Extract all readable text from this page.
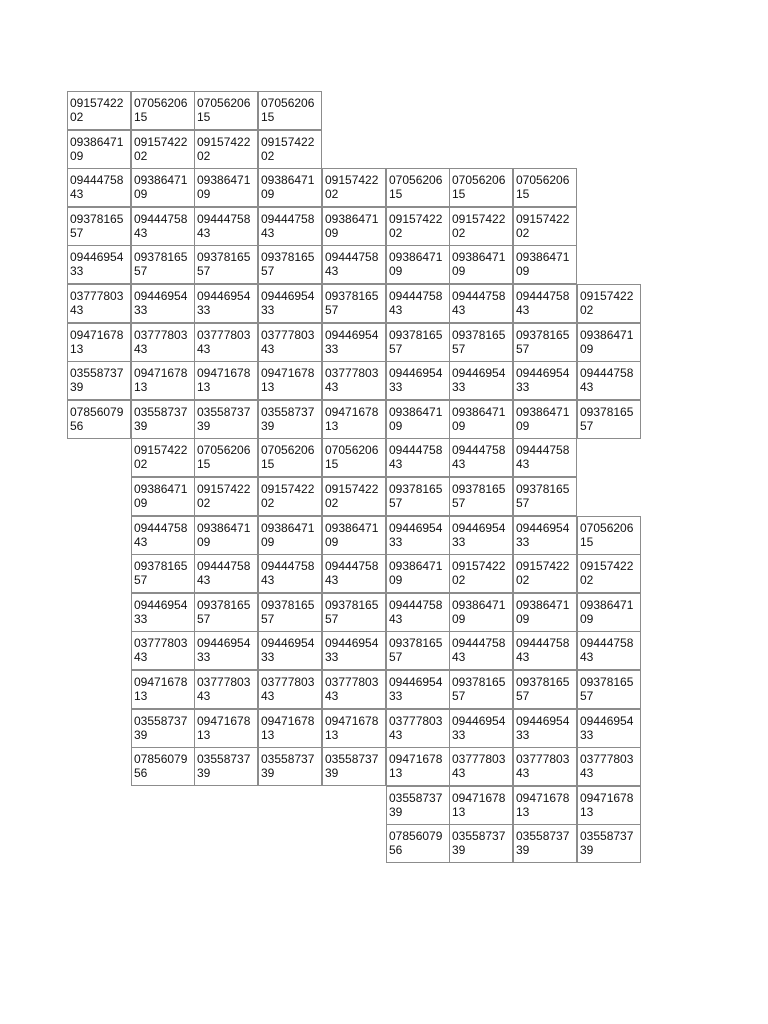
09157422
02
07056206
15
07056206
15
07056206
15
09386471
09
09157422
02
09157422
02
09157422
02
09444758
43
09386471
09
09386471
09
09386471
09
09157422
02
07056206
15
07056206
15
07056206
15
09378165
57
09444758
43
09444758
43
09444758
43
09386471
09
09157422
02
09157422
02
09157422
02
09446954
33
09378165
57
09378165
57
09378165
57
09444758
43
09386471
09
09386471
09
09386471
09
03777803
43
09446954
33
09446954
33
09446954
33
09378165
57
09444758
43
09444758
43
09444758
43
09157422
02
09471678
13
03777803
43
03777803
43
03777803
43
09446954
33
09378165
57
09378165
57
09378165
57
09386471
09
03558737
39
09471678
13
09471678
13
09471678
13
03777803
43
09446954
33
09446954
33
09446954
33
09444758
43
07856079
56
03558737
39
03558737
39
03558737
39
09471678
13
09386471
09
09386471
09
09386471
09
09378165
57
09157422
02
07056206
15
07056206
15
07056206
15
09444758
43
09444758
43
09444758
43
09386471
09
09157422
02
09157422
02
09157422
02
09378165
57
09378165
57
09378165
57
09444758
43
09386471
09
09386471
09
09386471
09
09446954
33
09446954
33
09446954
33
07056206
15
09378165
57
09444758
43
09444758
43
09444758
43
09386471
09
09157422
02
09157422
02
09157422
02
09446954
33
09378165
57
09378165
57
09378165
57
09444758
43
09386471
09
09386471
09
09386471
09
03777803
43
09446954
33
09446954
33
09446954
33
09378165
57
09444758
43
09444758
43
09444758
43
09471678
13
03777803
43
03777803
43
03777803
43
09446954
33
09378165
57
09378165
57
09378165
57
03558737
39
09471678
13
09471678
13
09471678
13
03777803
43
09446954
33
09446954
33
09446954
33
07856079
56
03558737
39
03558737
39
03558737
39
09471678
13
03777803
43
03777803
43
03777803
43
03558737
39
09471678
13
09471678
13
09471678
13
07856079
56
03558737
39
03558737
39
03558737
39
